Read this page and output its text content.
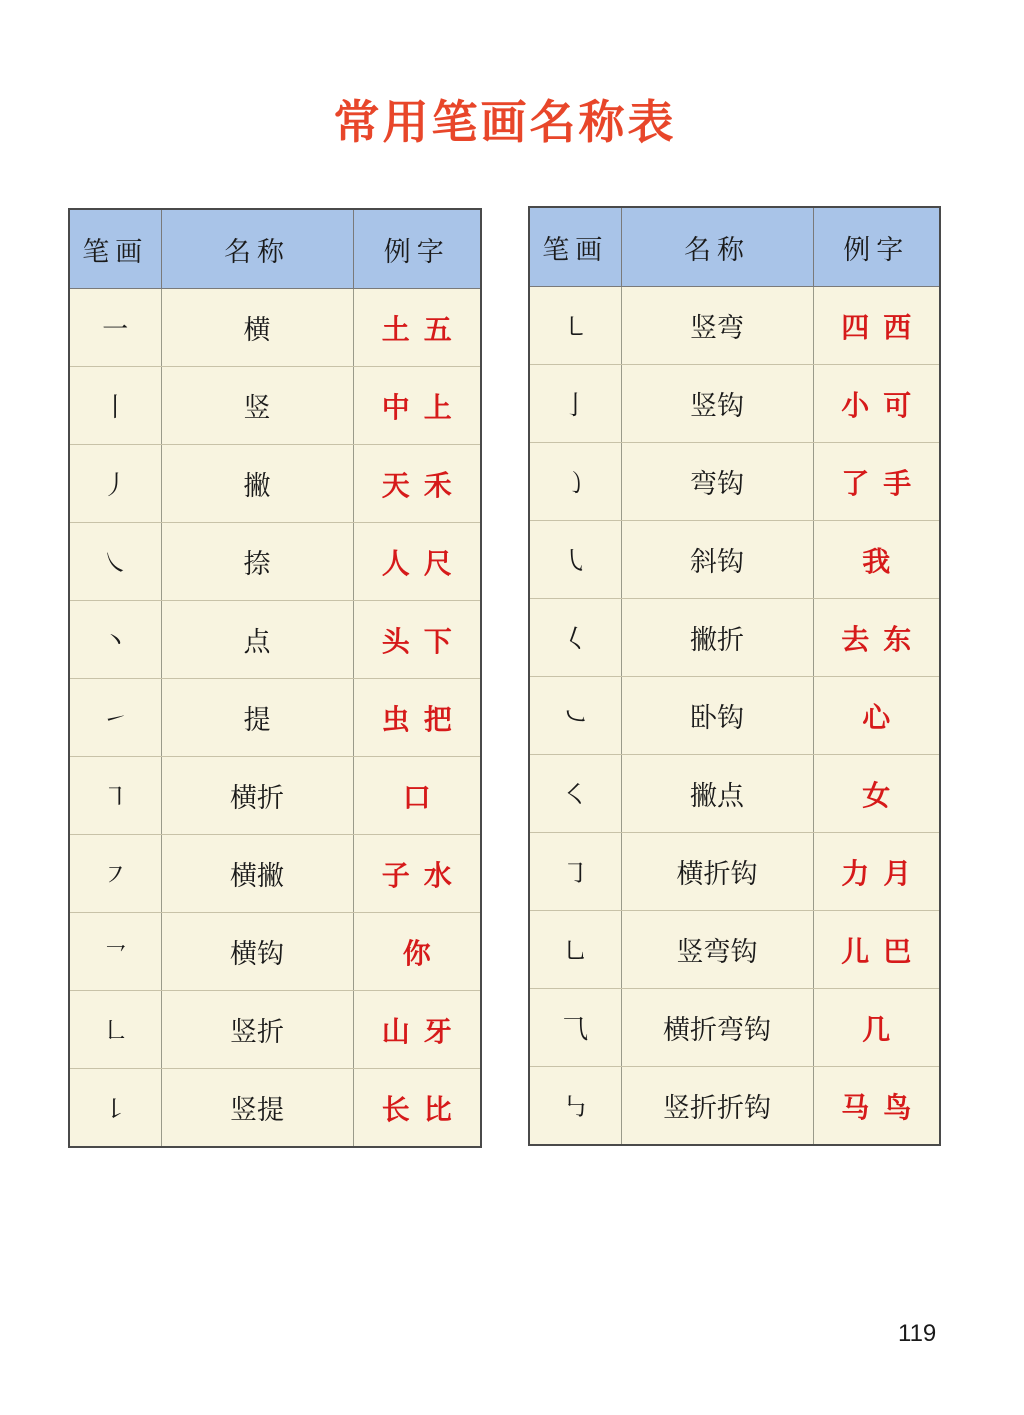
常用笔画名称表
笔画	名称	例字
一	横	土五
丨	竖	中上
丿	撇	天禾
㇏	捺	人尺
丶	点	头下
㇀	提	虫把
㇕	横折	口
㇇	横撇	子水
㇖	横钩	你
㇗	竖折	山牙
㇙	竖提	长比
笔画	名称	例字
㇄	竖弯	四西
亅	竖钩	小可
㇁	弯钩	了手
㇂	斜钩	我
𡿨	撇折	去东
㇃	卧钩	心
㇛	撇点	女
㇆	横折钩	力月
㇟	竖弯钩	儿巴
⺄	横折弯钩	几
㇉	竖折折钩	马鸟
119
